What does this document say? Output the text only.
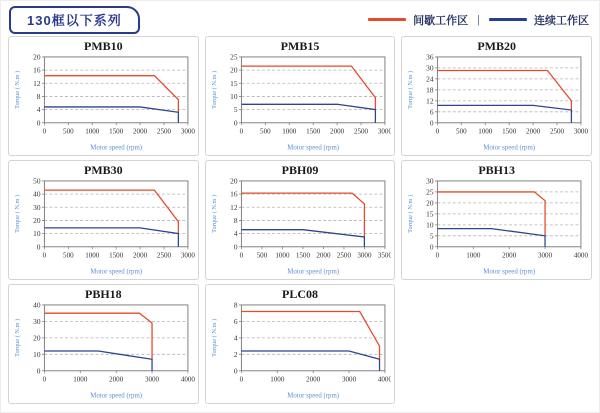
130框以下系列	间歇工作区 |	连续工作区
PMB10
0
4
8
12
16
20
0 500 1000 1500 2000 2500 3000
Motor speed (rpm)
Torque ( N.m )
PMB15
0
5
10
15
20
25
0 500 1000 1500 2000 2500 3000
Motor speed (rpm)
Torque ( N.m )
PMB20
0
6
12
18
24
30
36
0 500 1000 1500 2000 2500 3000
Motor speed (rpm)
Torque ( N.m )
PMB30
0
10
20
30
40
50
0 500 1000 1500 2000 2500 3000
Motor speed (rpm)
Torque ( N.m )
PBH09
0
4
8
12
16
20
0 500 1000 1500 2000 2500 3000 3500
Motor speed (rpm)
Torque ( N.m )
PBH13
0
5
10
15
20
25
30
0	1000	2000	3000	4000
Motor speed (rpm)
Torque ( N.m )
PBH18
0
10
20
30
40
0	1000	2000	3000	4000
Motor speed (rpm)
Torque ( N.m )
PLC08
0
2
4
6
8
0	1000	2000	3000	4000
Motor speed (rpm)
Torque ( N.m )
